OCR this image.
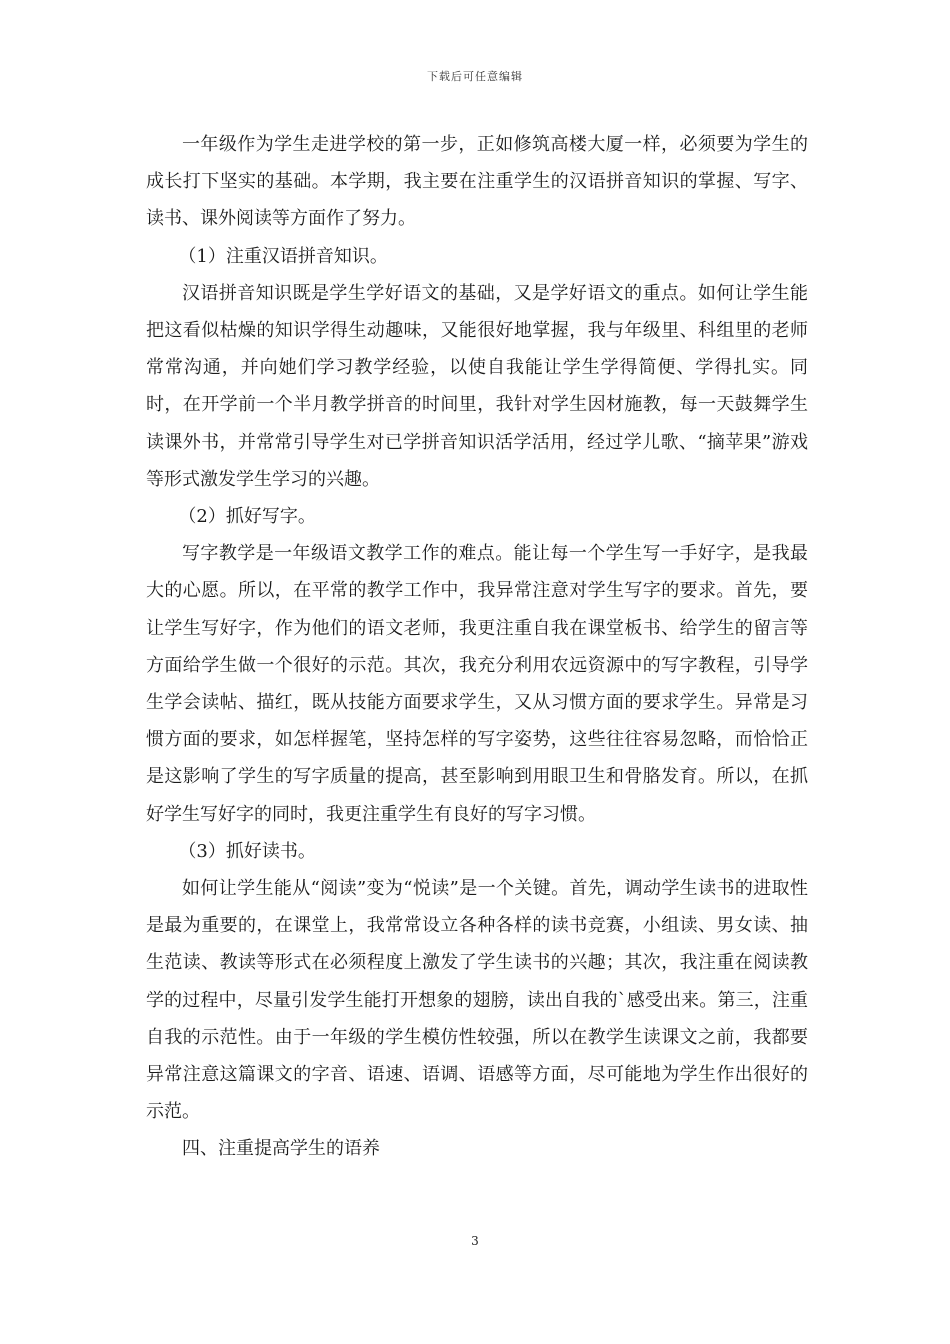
下载后可任意编辑

一年级作为学生走进学校的第一步，正如修筑高楼大厦一样，必须要为学生的成长打下坚实的基础。本学期，我主要在注重学生的汉语拼音知识的掌握、写字、读书、课外阅读等方面作了努力。

（1）注重汉语拼音知识。

汉语拼音知识既是学生学好语文的基础，又是学好语文的重点。如何让学生能把这看似枯燥的知识学得生动趣味，又能很好地掌握，我与年级里、科组里的老师常常沟通，并向她们学习教学经验，以使自我能让学生学得简便、学得扎实。同时，在开学前一个半月教学拼音的时间里，我针对学生因材施教，每一天鼓舞学生读课外书，并常常引导学生对已学拼音知识活学活用，经过学儿歌、“摘苹果”游戏等形式激发学生学习的兴趣。

（2）抓好写字。

写字教学是一年级语文教学工作的难点。能让每一个学生写一手好字，是我最大的心愿。所以，在平常的教学工作中，我异常注意对学生写字的要求。首先，要让学生写好字，作为他们的语文老师，我更注重自我在课堂板书、给学生的留言等方面给学生做一个很好的示范。其次，我充分利用农远资源中的写字教程，引导学生学会读帖、描红，既从技能方面要求学生，又从习惯方面的要求学生。异常是习惯方面的要求，如怎样握笔，坚持怎样的写字姿势，这些往往容易忽略，而恰恰正是这影响了学生的写字质量的提高，甚至影响到用眼卫生和骨胳发育。所以，在抓好学生写好字的同时，我更注重学生有良好的写字习惯。

（3）抓好读书。

如何让学生能从“阅读”变为“悦读”是一个关键。首先，调动学生读书的进取性是最为重要的，在课堂上，我常常设立各种各样的读书竞赛，小组读、男女读、抽生范读、教读等形式在必须程度上激发了学生读书的兴趣；其次，我注重在阅读教学的过程中，尽量引发学生能打开想象的翅膀，读出自我的`感受出来。第三，注重自我的示范性。由于一年级的学生模仿性较强，所以在教学生读课文之前，我都要异常注意这篇课文的字音、语速、语调、语感等方面，尽可能地为学生作出很好的示范。

四、注重提高学生的语养

3
